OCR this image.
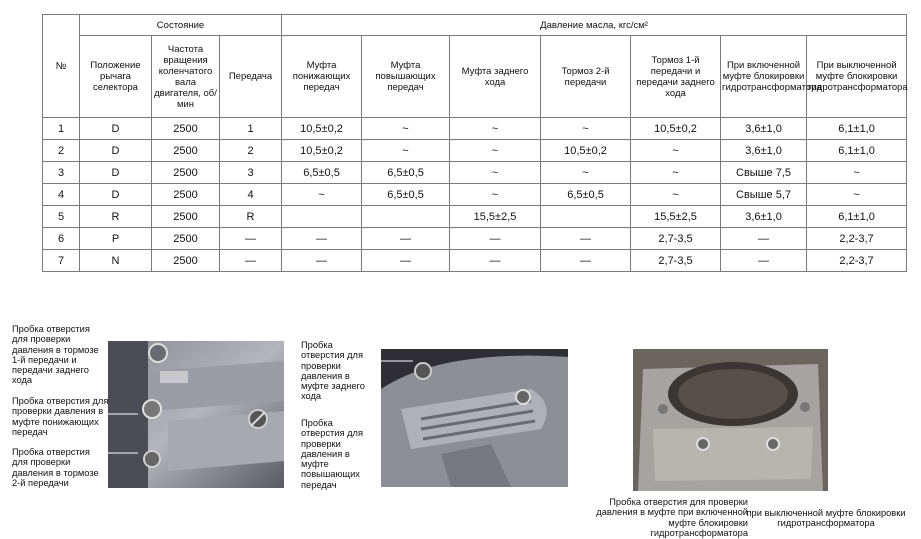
№	Состояние			Давление масла, кгс/см²						
	Положение рычага селектора	Частота вращения коленчатого вала двигателя, об/мин	Передача	Муфта понижающих передач	Муфта повышающих передач	Муфта заднего хода	Тормоз 2-й передачи	Тормоз 1-й передачи и передачи заднего хода	При включенной муфте блокировки гидротрансформатора	При выключенной муфте блокировки гидротрансформатора
1	D	2500	1	10,5±0,2	~	~	~	10,5±0,2	3,6±1,0	6,1±1,0
2	D	2500	2	10,5±0,2	~	~	10,5±0,2	~	3,6±1,0	6,1±1,0
3	D	2500	3	6,5±0,5	6,5±0,5	~	~	~	Свыше 7,5	~
4	D	2500	4	~	6,5±0,5	~	6,5±0,5	~	Свыше 5,7	~
5	R	2500	R			15,5±2,5		15,5±2,5	3,6±1,0	6,1±1,0
6	P	2500	—	—	—	—	—	2,7-3,5	—	2,2-3,7
7	N	2500	—	—	—	—	—	2,7-3,5	—	2,2-3,7
Пробка отверстия для проверки давления в тормозе 1-й передачи и передачи заднего хода
Пробка отверстия для проверки давления в муфте понижающих передач
Пробка отверстия для проверки давления в тормозе 2-й передачи
Пробка отверстия для проверки давления в муфте заднего хода
Пробка отверстия для проверки давления в муфте повышающих передач
Пробка отверстия для проверки давления в муфте при включенной муфте блокировки гидротрансформатора
при выключенной муфте блокировки гидротрансформатора
